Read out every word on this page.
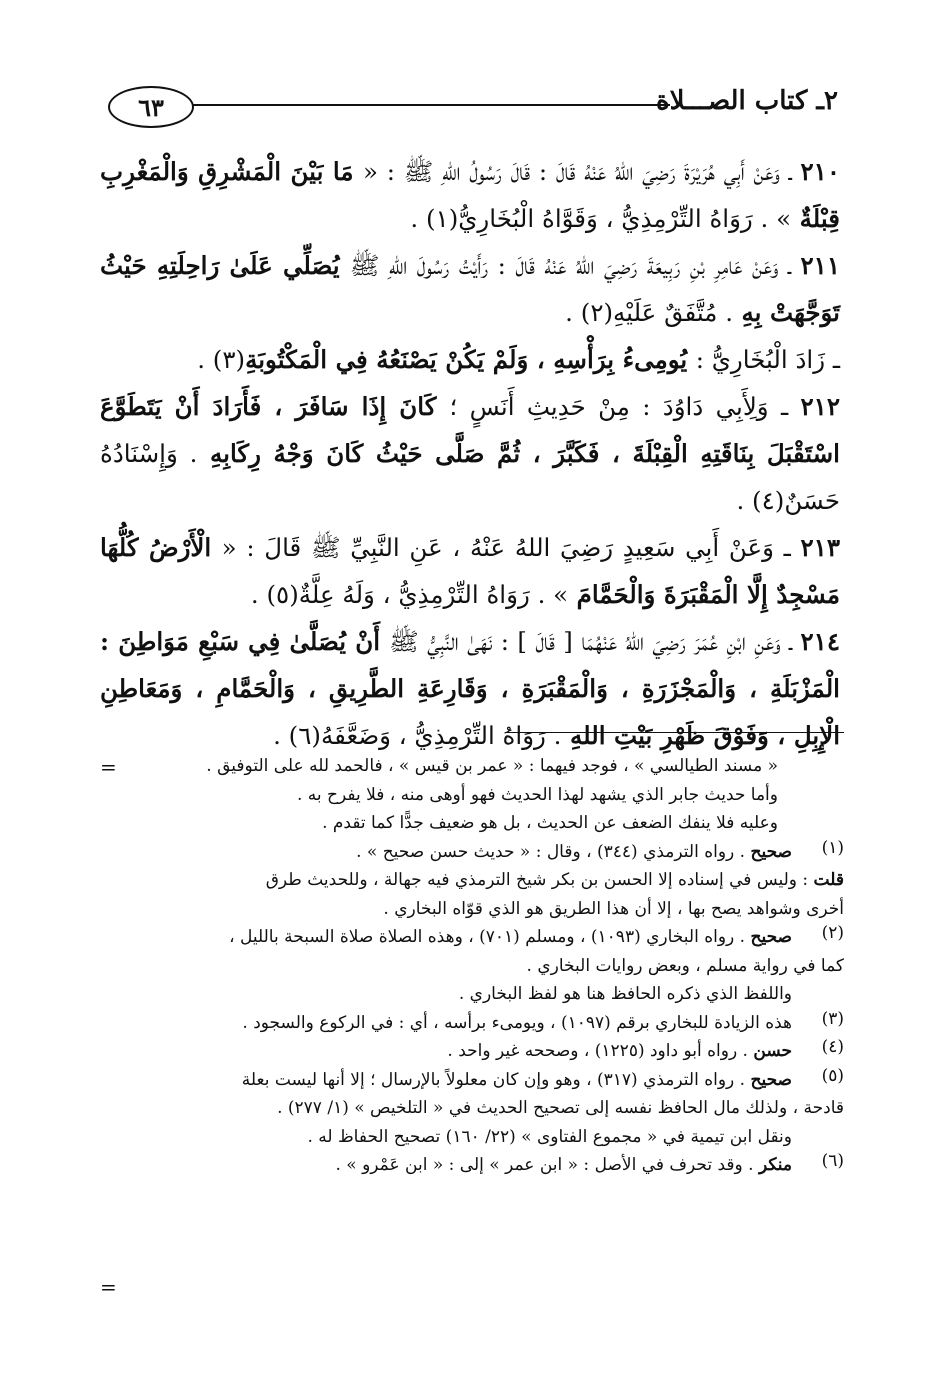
٦٣	٢ـ كتاب الصـــلاة

٢١٠ ـ وَعَنْ أَبِي هُرَيْرَةَ رَضِيَ اللهُ عَنْهُ قَالَ : قَالَ رَسُولُ اللهِ ﷺ : « مَا بَيْنَ الْمَشْرِقِ وَالْمَغْرِبِ قِبْلَةٌ » . رَوَاهُ التِّرْمِذِيُّ ، وَقَوَّاهُ الْبُخَارِيُّ(١) .

٢١١ ـ وَعَنْ عَامِرِ بْنِ رَبِيعَةَ رَضِيَ اللهُ عَنْهُ قَالَ : رَأَيْتُ رَسُولَ اللهِ ﷺ يُصَلِّي عَلَىٰ رَاحِلَتِهِ حَيْثُ تَوَجَّهَتْ بِهِ . مُتَّفَقٌ عَلَيْهِ(٢) .

ـ زَادَ الْبُخَارِيُّ : يُومِىءُ بِرَأْسِهِ ، وَلَمْ يَكُنْ يَصْنَعُهُ فِي الْمَكْتُوبَةِ(٣) .

٢١٢ ـ وَلِأَبِي دَاوُدَ : مِنْ حَدِيثِ أَنَسٍ ؛ كَانَ إِذَا سَافَرَ ، فَأَرَادَ أَنْ يَتَطَوَّعَ اسْتَقْبَلَ بِنَاقَتِهِ الْقِبْلَةَ ، فَكَبَّرَ ، ثُمَّ صَلَّى حَيْثُ كَانَ وَجْهُ رِكَابِهِ . وَإِسْنَادُهُ حَسَنٌ(٤) .

٢١٣ ـ وَعَنْ أَبِي سَعِيدٍ رَضِيَ اللهُ عَنْهُ ، عَنِ النَّبِيِّ ﷺ قَالَ : « الْأَرْضُ كُلُّهَا مَسْجِدٌ إِلَّا الْمَقْبَرَةَ وَالْحَمَّامَ » . رَوَاهُ التِّرْمِذِيُّ ، وَلَهُ عِلَّةٌ(٥) .

٢١٤ ـ وَعَنِ ابْنِ عُمَرَ رَضِيَ اللهُ عَنْهُمَا [ قَالَ ] : نَهَىٰ النَّبِيُّ ﷺ أَنْ يُصَلَّىٰ فِي سَبْعِ مَوَاطِنَ : الْمَزْبَلَةِ ، وَالْمَجْزَرَةِ ، وَالْمَقْبَرَةِ ، وَقَارِعَةِ الطَّرِيقِ ، وَالْحَمَّامِ ، وَمَعَاطِنِ الْإِبِلِ ، وَفَوْقَ ظَهْرِ بَيْتِ اللهِ . رَوَاهُ التِّرْمِذِيُّ ، وَضَعَّفَهُ(٦) .

=
=
« مسند الطيالسي » ، فوجد فيهما : « عمر بن قيس » ، فالحمد لله على التوفيق .
وأما حديث جابر الذي يشهد لهذا الحديث فهو أوهى منه ، فلا يفرح به .
وعليه فلا ينفك الضعف عن الحديث ، بل هو ضعيف جدًّا كما تقدم .
(١)
صحيح . رواه الترمذي (٣٤٤) ، وقال : « حديث حسن صحيح » .
قلت : وليس في إسناده إلا الحسن بن بكر شيخ الترمذي فيه جهالة ، وللحديث طرق
أخرى وشواهد يصح بها ، إلا أن هذا الطريق هو الذي قوّاه البخاري .
(٢)
صحيح . رواه البخاري (١٠٩٣) ، ومسلم (٧٠١) ، وهذه الصلاة صلاة السبحة بالليل ،
كما في رواية مسلم ، وبعض روايات البخاري .
واللفظ الذي ذكره الحافظ هنا هو لفظ البخاري .
(٣)
هذه الزيادة للبخاري برقم (١٠٩٧) ، ويومىء برأسه ، أي : في الركوع والسجود .
(٤)
حسن . رواه أبو داود (١٢٢٥) ، وصححه غير واحد .
(٥)
صحيح . رواه الترمذي (٣١٧) ، وهو وإن كان معلولاً بالإرسال ؛ إلا أنها ليست بعلة
قادحة ، ولذلك مال الحافظ نفسه إلى تصحيح الحديث في « التلخيص » (١/ ٢٧٧) .
ونقل ابن تيمية في « مجموع الفتاوى » (٢٢/ ١٦٠) تصحيح الحفاظ له .
(٦)
منكر . وقد تحرف في الأصل : « ابن عمر » إلى : « ابن عَمْرو » .
